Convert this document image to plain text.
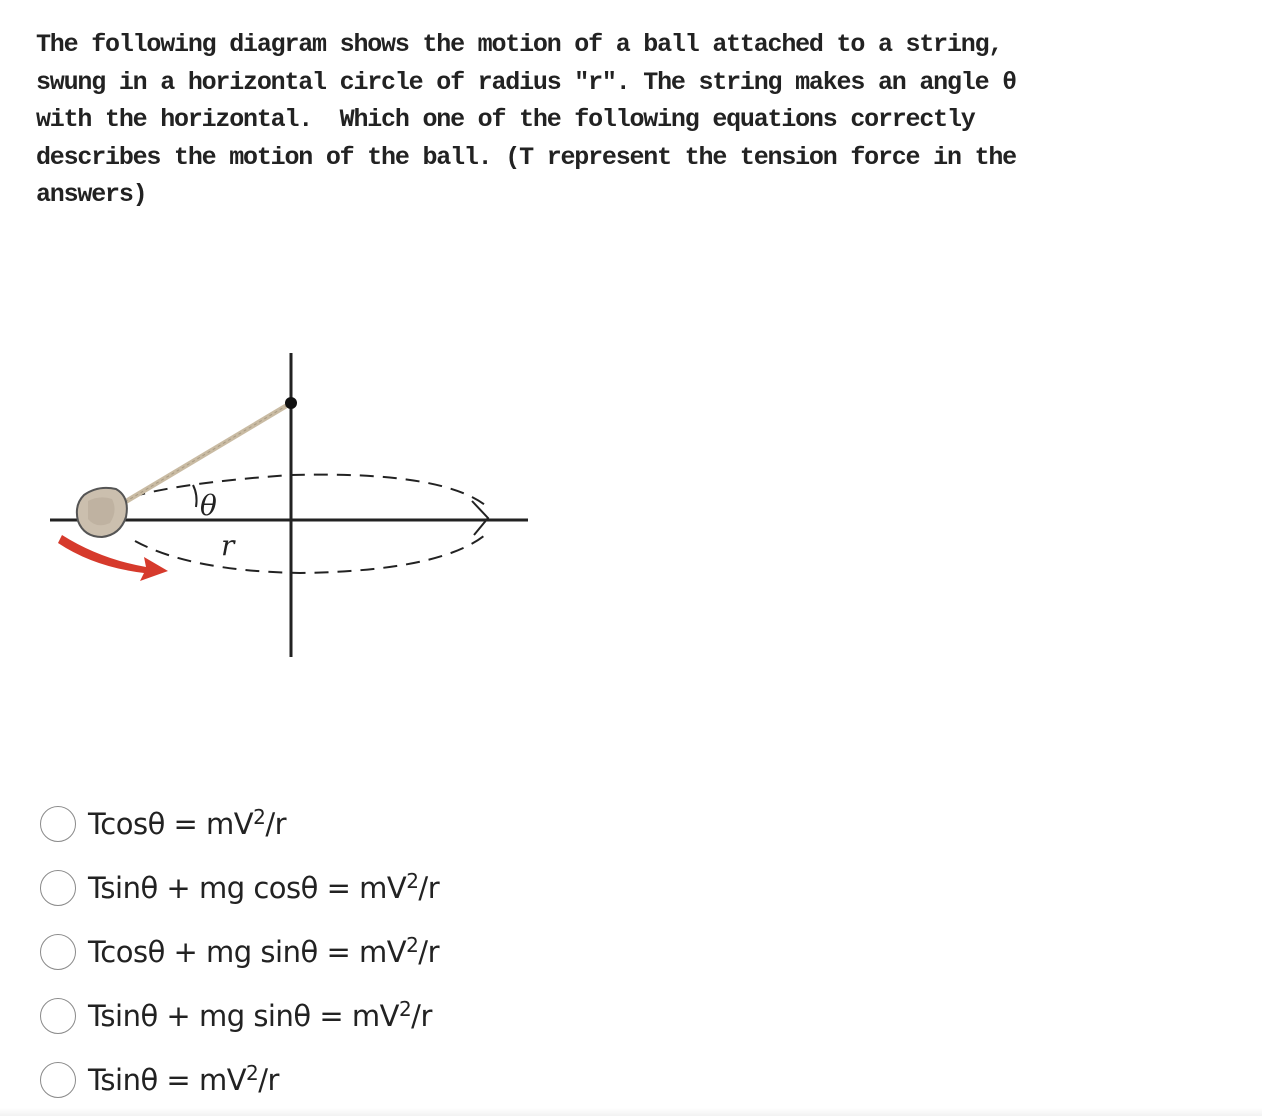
The following diagram shows the motion of a ball attached to a string,
swung in a horizontal circle of radius "r". The string makes an angle θ
with the horizontal.  Which one of the following equations correctly
describes the motion of the ball. (T represent the tension force in the
answers)

θ
r
$Tcos\theta = mV^2/r$
Tsinθ + mg $\cos\theta = mV^2/r$
Tcosθ + mg $\sin\theta = mV^2/r$
Tsinθ + mg $\sin\theta = mV^2/r$
$Tsin\theta = mV^2/r$
